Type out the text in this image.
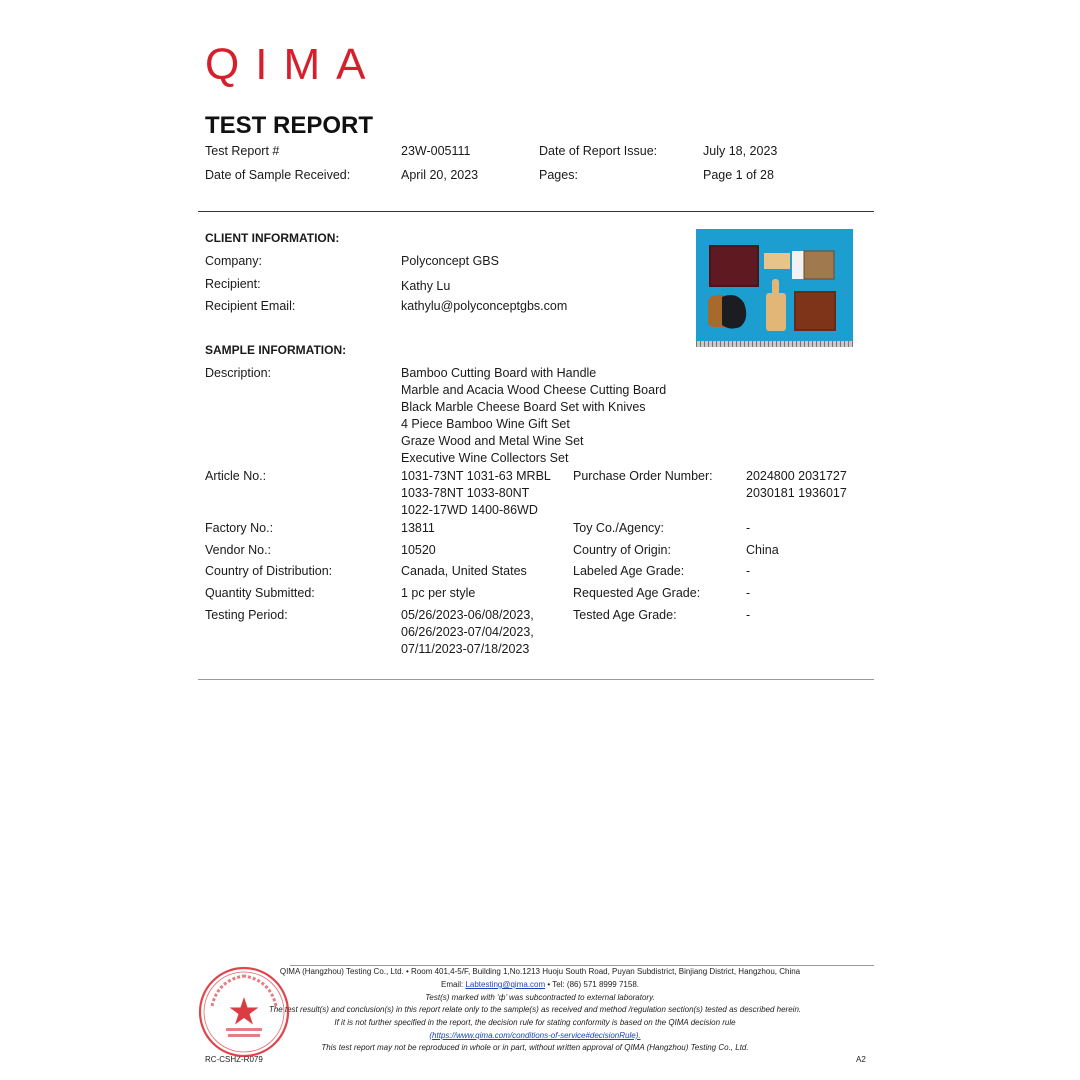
QIMA
TEST REPORT
Test Report #	23W-005111	Date of Report Issue:	July 18, 2023
Date of Sample Received:	April 20, 2023	Pages:	Page 1 of 28
CLIENT INFORMATION:
Company:	Polyconcept GBS
Recipient:	Kathy Lu
Recipient Email:	kathylu@polyconceptgbs.com
SAMPLE INFORMATION:
Description:	Bamboo Cutting Board with Handle
Marble and Acacia Wood Cheese Cutting Board
Black Marble Cheese Board Set with Knives
4 Piece Bamboo Wine Gift Set
Graze Wood and Metal Wine Set
Executive Wine Collectors Set
Article No.:	1031-73NT 1031-63 MRBL
1033-78NT 1033-80NT
1022-17WD 1400-86WD
Purchase Order Number:	2024800 2031727
2030181 1936017
Factory No.:	13811	Toy Co./Agency:	-
Vendor No.:	10520	Country of Origin:	China
Country of Distribution:	Canada, United States	Labeled Age Grade:	-
Quantity Submitted:	1 pc per style	Requested Age Grade:	-
Testing Period:	05/26/2023-06/08/2023,
06/26/2023-07/04/2023,
07/11/2023-07/18/2023
Tested Age Grade:	-
QIMA (Hangzhou) Testing Co., Ltd. • Room 401,4-5/F, Building 1,No.1213 Huoju South Road, Puyan Subdistrict, Binjiang District, Hangzhou, China
Email: Labtesting@qima.com • Tel: (86) 571 8999 7158.
Test(s) marked with ‘ф’ was subcontracted to external laboratory.
The test result(s) and conclusion(s) in this report relate only to the sample(s) as received and method /regulation section(s) tested as described herein.
If it is not further specified in the report, the decision rule for stating conformity is based on the QIMA decision rule
(https://www.qima.com/conditions-of-service#decisionRule).
This test report may not be reproduced in whole or in part, without written approval of QIMA (Hangzhou) Testing Co., Ltd.
RC-CSHZ-R079	A2
